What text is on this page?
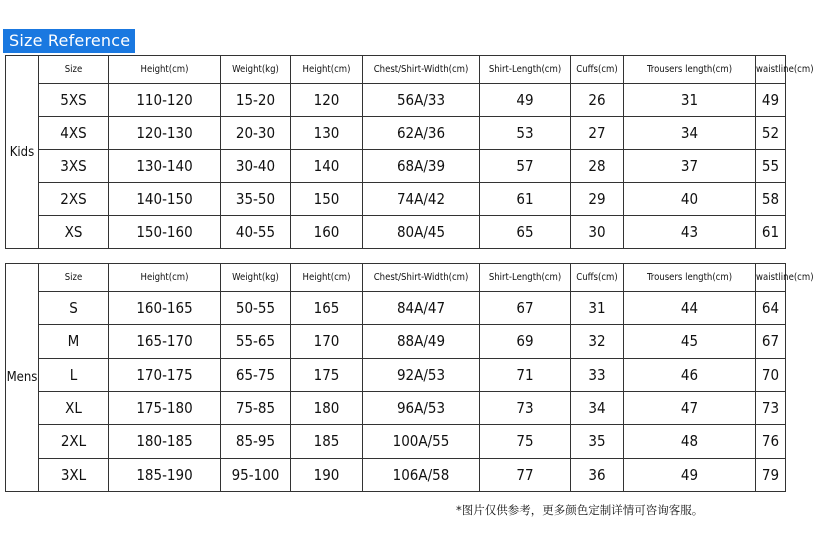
Size Reference
Kids	Size	Height(cm)	Weight(kg)	Height(cm)	Chest/Shirt-Width(cm)	Shirt-Length(cm)	Cuffs(cm)	Trousers length(cm)	waistline(cm)
	5XS	110-120	15-20	120	56A/33	49	26	31	49
	4XS	120-130	20-30	130	62A/36	53	27	34	52
	3XS	130-140	30-40	140	68A/39	57	28	37	55
	2XS	140-150	35-50	150	74A/42	61	29	40	58
	XS	150-160	40-55	160	80A/45	65	30	43	61
Mens	Size	Height(cm)	Weight(kg)	Height(cm)	Chest/Shirt-Width(cm)	Shirt-Length(cm)	Cuffs(cm)	Trousers length(cm)	waistline(cm)
	S	160-165	50-55	165	84A/47	67	31	44	64
	M	165-170	55-65	170	88A/49	69	32	45	67
	L	170-175	65-75	175	92A/53	71	33	46	70
	XL	175-180	75-85	180	96A/53	73	34	47	73
	2XL	180-185	85-95	185	100A/55	75	35	48	76
	3XL	185-190	95-100	190	106A/58	77	36	49	79
*图片仅供参考，更多颜色定制详情可咨询客服。
